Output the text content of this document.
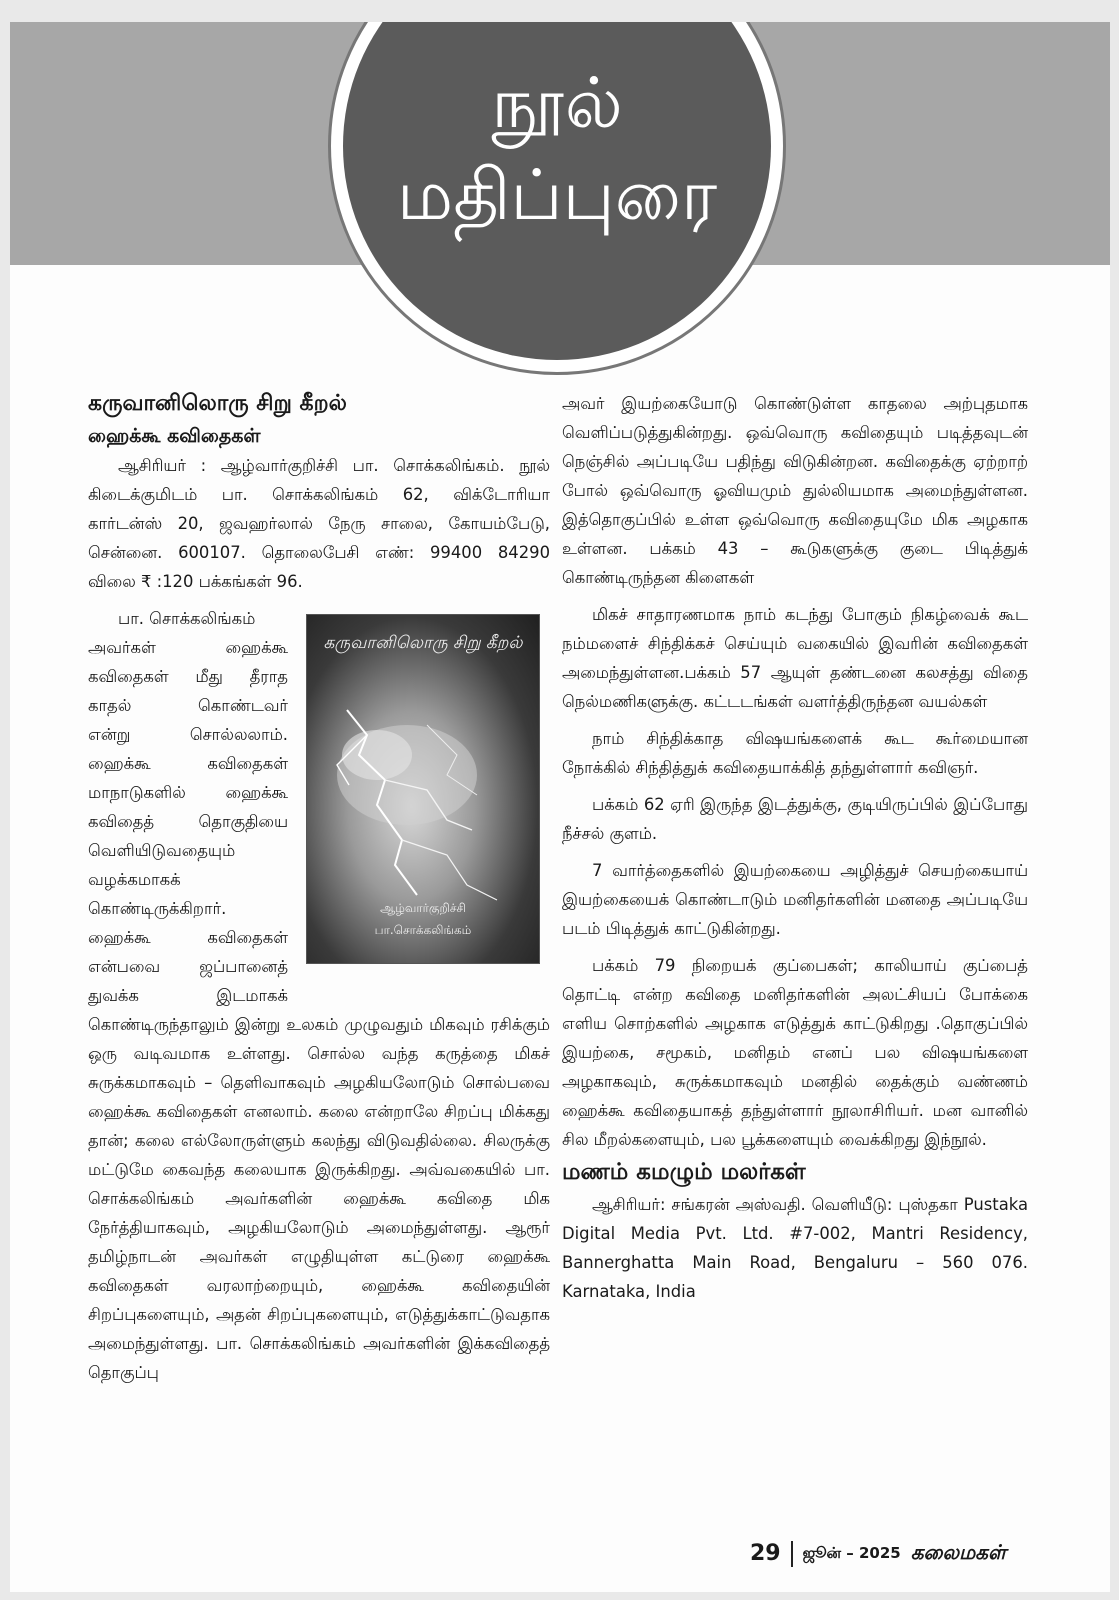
நூல்
மதிப்புரை

கருவானிலொரு சிறு கீறல்

ஹைக்கூ கவிதைகள்

ஆசிரியர் : ஆழ்வார்குறிச்சி பா. சொக்கலிங்கம். நூல் கிடைக்குமிடம் பா. சொக்கலிங்கம் 62, விக்டோரியா கார்டன்ஸ் 20, ஜவஹர்லால் நேரு சாலை, கோயம்பேடு, சென்னை. 600107. தொலைபேசி எண்: 99400 84290 விலை ₹ :120 பக்கங்கள் 96.

பா. சொக்கலிங்கம்

அவர்கள் ஹைக்கூ

கவிதைகள் மீது தீராத

காதல் கொண்டவர்

என்று சொல்லலாம்.

ஹைக்கூ கவிதைகள்

மாநாடுகளில் ஹைக்கூ

கவிதைத் தொகுதியை

வெளியிடுவதையும்

வழக்கமாகக்

கொண்டிருக்கிறார்.

ஹைக்கூ கவிதைகள்

என்பவை ஜப்பானைத்

துவக்க இடமாகக்

கருவானிலொரு சிறு கீறல்
ஆழ்வார்குறிச்சி
பா.சொக்கலிங்கம்

கொண்டிருந்தாலும் இன்று உலகம் முழுவதும் மிகவும் ரசிக்கும் ஒரு வடிவமாக உள்ளது. சொல்ல வந்த கருத்தை மிகச் சுருக்கமாகவும் – தெளிவாகவும் அழகியலோடும் சொல்பவை ஹைக்கூ கவிதைகள் எனலாம். கலை என்றாலே சிறப்பு மிக்கது தான்; கலை எல்லோருள்ளும் கலந்து விடுவதில்லை. சிலருக்கு மட்டுமே கைவந்த கலையாக இருக்கிறது. அவ்வகையில் பா. சொக்கலிங்கம் அவர்களின் ஹைக்கூ கவிதை மிக நேர்த்தியாகவும், அழகியலோடும் அமைந்துள்ளது. ஆரூர் தமிழ்நாடன் அவர்கள் எழுதியுள்ள கட்டுரை ஹைக்கூ கவிதைகள் வரலாற்றையும், ஹைக்கூ கவிதையின் சிறப்புகளையும், அதன் சிறப்புகளையும், எடுத்துக்காட்டுவதாக அமைந்துள்ளது. பா. சொக்கலிங்கம் அவர்களின் இக்கவிதைத் தொகுப்பு

அவர் இயற்கையோடு கொண்டுள்ள காதலை அற்புதமாக வெளிப்படுத்துகின்றது. ஒவ்வொரு கவிதையும் படித்தவுடன் நெஞ்சில் அப்படியே பதிந்து விடுகின்றன. கவிதைக்கு ஏற்றாற் போல் ஒவ்வொரு ஓவியமும் துல்லியமாக அமைந்துள்ளன. இத்தொகுப்பில் உள்ள ஒவ்வொரு கவிதையுமே மிக அழகாக உள்ளன. பக்கம் 43 – கூடுகளுக்கு குடை பிடித்துக் கொண்டிருந்தன கிளைகள்

மிகச் சாதாரணமாக நாம் கடந்து போகும் நிகழ்வைக் கூட நம்மளைச் சிந்திக்கச் செய்யும் வகையில் இவரின் கவிதைகள் அமைந்துள்ளன.பக்கம் 57 ஆயுள் தண்டனை கலசத்து விதை நெல்மணிகளுக்கு. கட்டடங்கள் வளர்த்திருந்தன வயல்கள்

நாம் சிந்திக்காத விஷயங்களைக் கூட கூர்மையான நோக்கில் சிந்தித்துக் கவிதையாக்கித் தந்துள்ளார் கவிஞர்.

பக்கம் 62 ஏரி இருந்த இடத்துக்கு, குடியிருப்பில் இப்போது நீச்சல் குளம்.

7 வார்த்தைகளில் இயற்கையை அழித்துச் செயற்கையாய் இயற்கையைக் கொண்டாடும் மனிதர்களின் மனதை அப்படியே படம் பிடித்துக் காட்டுகின்றது.

பக்கம் 79 நிறையக் குப்பைகள்; காலியாய் குப்பைத் தொட்டி என்ற கவிதை மனிதர்களின் அலட்சியப் போக்கை எளிய சொற்களில் அழகாக எடுத்துக் காட்டுகிறது .தொகுப்பில் இயற்கை, சமூகம், மனிதம் எனப் பல விஷயங்களை அழகாகவும், சுருக்கமாகவும் மனதில் தைக்கும் வண்ணம் ஹைக்கூ கவிதையாகத் தந்துள்ளார் நூலாசிரியர். மன வானில் சில மீறல்களையும், பல பூக்களையும் வைக்கிறது இந்நூல்.

மணம் கமழும் மலர்கள்

ஆசிரியர்: சங்கரன் அஸ்வதி. வெளியீடு: புஸ்தகா Pustaka Digital Media Pvt. Ltd. #7-002, Mantri Residency, Bannerghatta Main Road, Bengaluru – 560 076. Karnataka, India

29 ஜூன் – 2025 கலைமகள்
